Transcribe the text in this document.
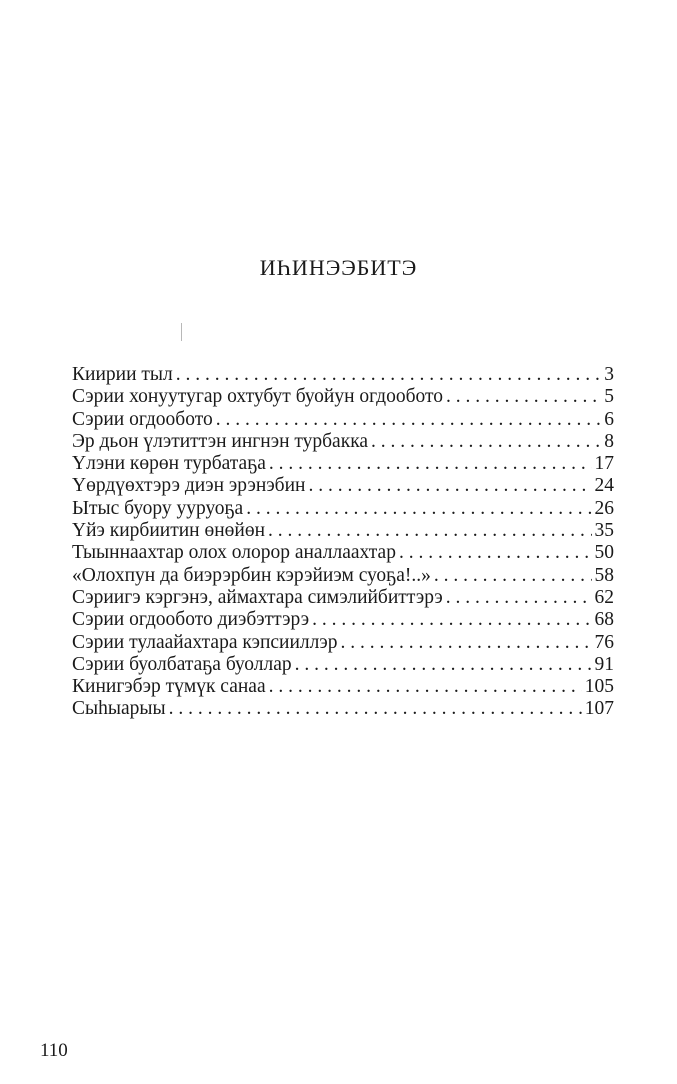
ИҺИНЭЭБИТЭ
Киирии тыл . . .	3
Сэрии хонуутугар охтубут буойун огдообото . . .	5
Сэрии огдообото . . .	6
Эр дьон үлэтиттэн ингнэн турбакка . . .	8
Үлэни көрөн турбатаҕа . . .	17
Үөрдүөхтэрэ диэн эрэнэбин . . .	24
Ытыс буору ууруоҕа . . .	26
Үйэ кирбиитин өнөйөн . . .	35
Тыыннаахтар олох олорор аналлаахтар . . .	50
«Олохпун да биэрэрбин кэрэйиэм суоҕа!..» . . .	58
Сэриигэ кэргэнэ, аймахтара симэлийбиттэрэ . . .	62
Сэрии огдообото диэбэттэрэ . . .	68
Сэрии тулаайахтара кэпсииллэр . . .	76
Сэрии буолбатаҕа буоллар . . .	91
Кинигэбэр түмүк санаа . . .	105
Сыһыарыы . . .	107
110
